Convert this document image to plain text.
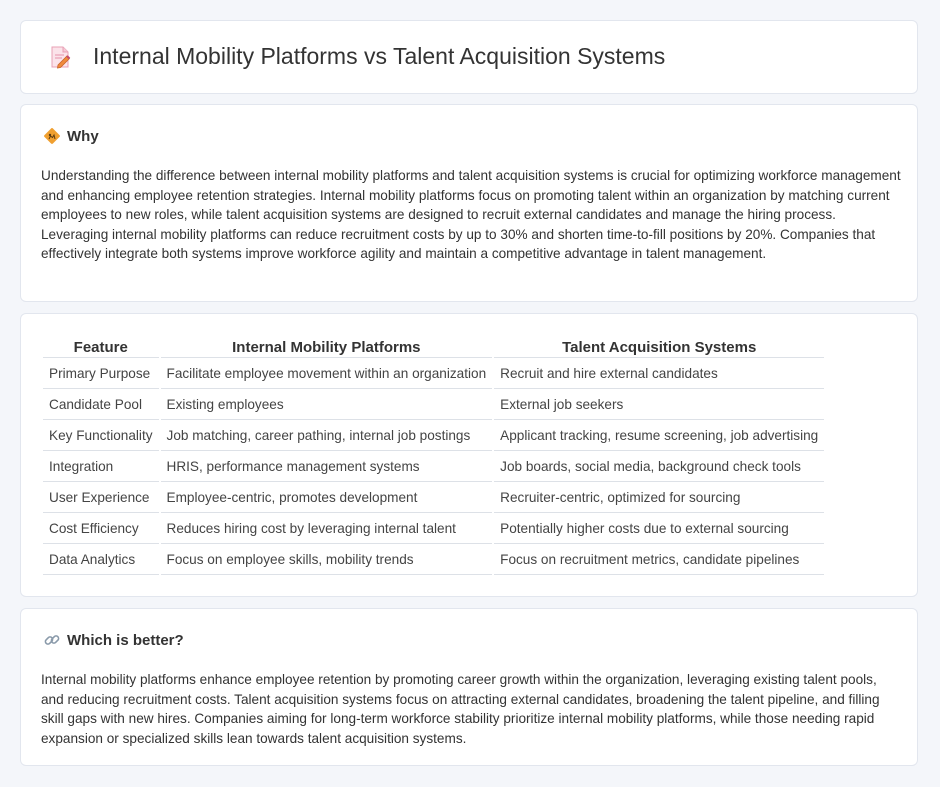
Internal Mobility Platforms vs Talent Acquisition Systems
Why

Understanding the difference between internal mobility platforms and talent acquisition systems is crucial for optimizing workforce management and enhancing employee retention strategies. Internal mobility platforms focus on promoting talent within an organization by matching current employees to new roles, while talent acquisition systems are designed to recruit external candidates and manage the hiring process. Leveraging internal mobility platforms can reduce recruitment costs by up to 30% and shorten time-to-fill positions by 20%. Companies that effectively integrate both systems improve workforce agility and maintain a competitive advantage in talent management.

Feature	Internal Mobility Platforms	Talent Acquisition Systems
Primary Purpose	Facilitate employee movement within an organization	Recruit and hire external candidates
Candidate Pool	Existing employees	External job seekers
Key Functionality	Job matching, career pathing, internal job postings	Applicant tracking, resume screening, job advertising
Integration	HRIS, performance management systems	Job boards, social media, background check tools
User Experience	Employee-centric, promotes development	Recruiter-centric, optimized for sourcing
Cost Efficiency	Reduces hiring cost by leveraging internal talent	Potentially higher costs due to external sourcing
Data Analytics	Focus on employee skills, mobility trends	Focus on recruitment metrics, candidate pipelines
Which is better?

Internal mobility platforms enhance employee retention by promoting career growth within the organization, leveraging existing talent pools, and reducing recruitment costs. Talent acquisition systems focus on attracting external candidates, broadening the talent pipeline, and filling skill gaps with new hires. Companies aiming for long-term workforce stability prioritize internal mobility platforms, while those needing rapid expansion or specialized skills lean towards talent acquisition systems.
